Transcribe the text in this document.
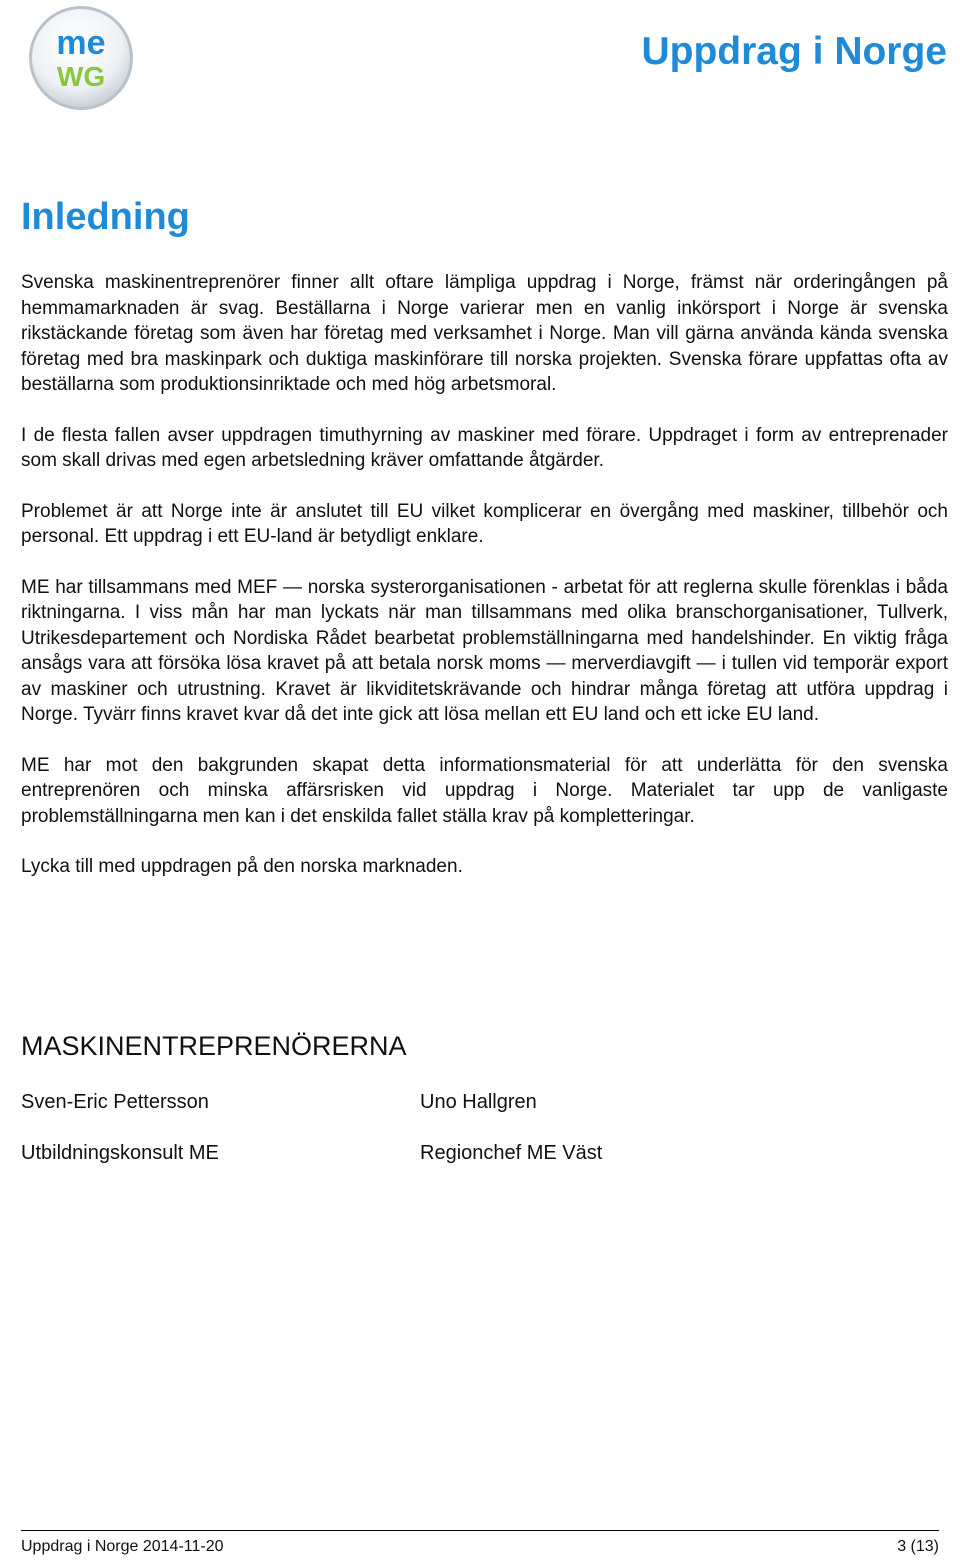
me
WG
Uppdrag i Norge
Inledning

Svenska maskinentreprenörer finner allt oftare lämpliga uppdrag i Norge, främst när orderingången på hemmamarknaden är svag. Beställarna i Norge varierar men en vanlig inkörsport i Norge är svenska rikstäckande företag som även har företag med verksamhet i Norge. Man vill gärna använda kända svenska företag med bra maskinpark och duktiga maskinförare till norska projekten. Svenska förare uppfattas ofta av beställarna som produktionsinriktade och med hög arbetsmoral.

I de flesta fallen avser uppdragen timuthyrning av maskiner med förare. Uppdraget i form av entreprenader som skall drivas med egen arbetsledning kräver omfattande åtgärder.

Problemet är att Norge inte är anslutet till EU vilket komplicerar en övergång med maskiner, tillbehör och personal. Ett uppdrag i ett EU-land är betydligt enklare.

ME har tillsammans med MEF — norska systerorganisationen - arbetat för att reglerna skulle förenklas i båda riktningarna. I viss mån har man lyckats när man tillsammans med olika branschorganisationer, Tullverk, Utrikesdepartement och Nordiska Rådet bearbetat problemställningarna med handelshinder. En viktig fråga ansågs vara att försöka lösa kravet på att betala norsk moms — merverdiavgift — i tullen vid temporär export av maskiner och utrustning. Kravet är likviditetskrävande och hindrar många företag att utföra uppdrag i Norge. Tyvärr finns kravet kvar då det inte gick att lösa mellan ett EU land och ett icke EU land.

ME har mot den bakgrunden skapat detta informationsmaterial för att underlätta för den svenska entreprenören och minska affärsrisken vid uppdrag i Norge. Materialet tar upp de vanligaste problemställningarna men kan i det enskilda fallet ställa krav på kompletteringar.

Lycka till med uppdragen på den norska marknaden.

MASKINENTREPRENÖRERNA
Sven-Eric Pettersson
Utbildningskonsult ME
Uno Hallgren
Regionchef ME Väst
Uppdrag i Norge 2014-11-20	3 (13)
